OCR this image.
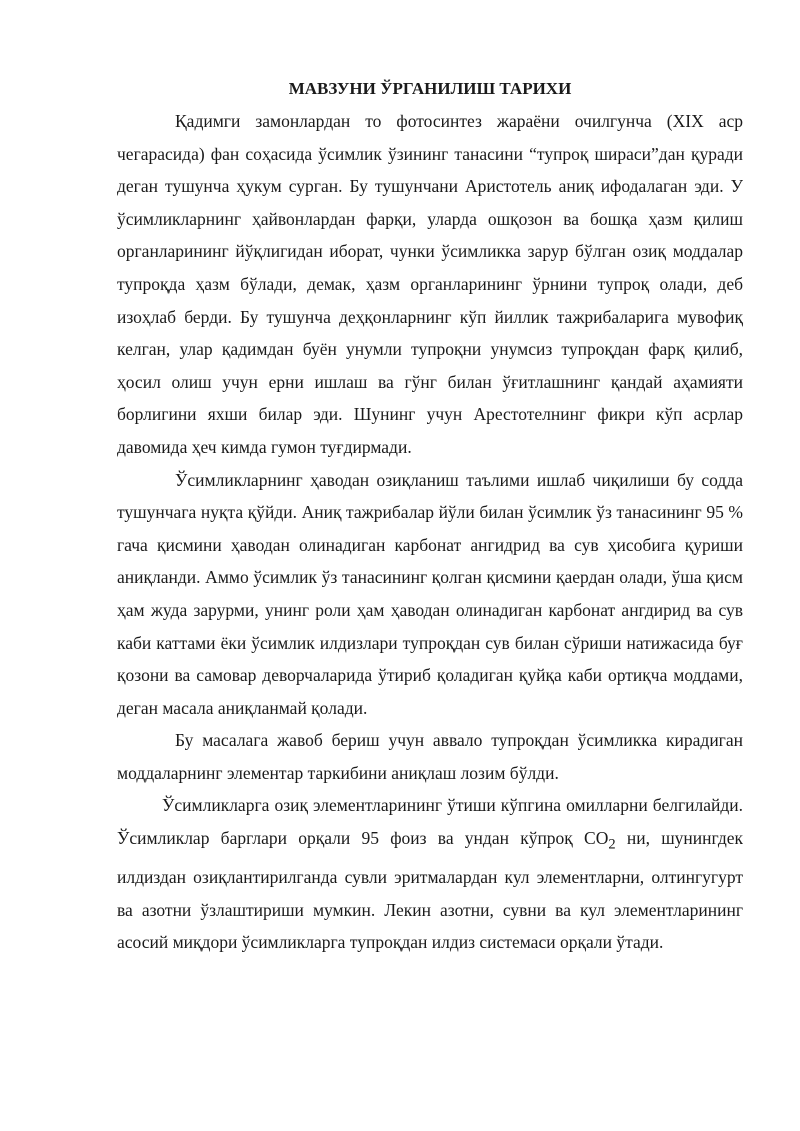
МАВЗУНИ ЎРГАНИЛИШ ТАРИХИ

Қадимги замонлардан то фотосинтез жараёни очилгунча (XIX аср чегарасида) фан соҳасида ўсимлик ўзининг танасини “тупроқ шираси”дан қуради деган тушунча ҳукум сурган. Бу тушунчани Аристотель аниқ ифодалаган эди. У ўсимликларнинг ҳайвонлардан фарқи, уларда ошқозон ва бошқа ҳазм қилиш органларининг йўқлигидан иборат, чунки ўсимликка зарур бўлган озиқ моддалар тупроқда ҳазм бўлади, демак, ҳазм органларининг ўрнини тупроқ олади, деб изоҳлаб берди. Бу тушунча деҳқонларнинг кўп йиллик тажрибаларига мувофиқ келган, улар қадимдан буён унумли тупроқни унумсиз тупроқдан фарқ қилиб, ҳосил олиш учун ерни ишлаш ва гўнг билан ўғитлашнинг қандай аҳамияти борлигини яхши билар эди. Шунинг учун Арестотелнинг фикри кўп асрлар давомида ҳеч кимда гумон туғдирмади.

Ўсимликларнинг ҳаводан озиқланиш таълими ишлаб чиқилиши бу содда тушунчага нуқта қўйди. Аниқ тажрибалар йўли билан ўсимлик ўз танасининг 95 % гача қисмини ҳаводан олинадиган карбонат ангидрид ва сув ҳисобига қуриши аниқланди. Аммо ўсимлик ўз танасининг қолган қисмини қаердан олади, ўша қисм ҳам жуда зарурми, унинг роли ҳам ҳаводан олинадиган карбонат ангдирид ва сув каби каттами ёки ўсимлик илдизлари тупроқдан сув билан сўриши натижасида буғ қозони ва самовар деворчаларида ўтириб қоладиган қуйқа каби ортиқча моддами, деган масала аниқланмай қолади.

Бу масалага жавоб бериш учун аввало тупроқдан ўсимликка кирадиган моддаларнинг элементар таркибини аниқлаш лозим бўлди.

Ўсимликларга озиқ элементларининг ўтиши кўпгина омилларни белгилайди. Ўсимликлар барглари орқали 95 фоиз ва ундан кўпроқ $CO_2$ ни, шунингдек илдиздан озиқлантирилганда сувли эритмалардан кул элементларни, олтингугурт ва азотни ўзлаштириши мумкин. Лекин азотни, сувни ва кул элементларининг асосий миқдори ўсимликларга тупроқдан илдиз системаси орқали ўтади.
